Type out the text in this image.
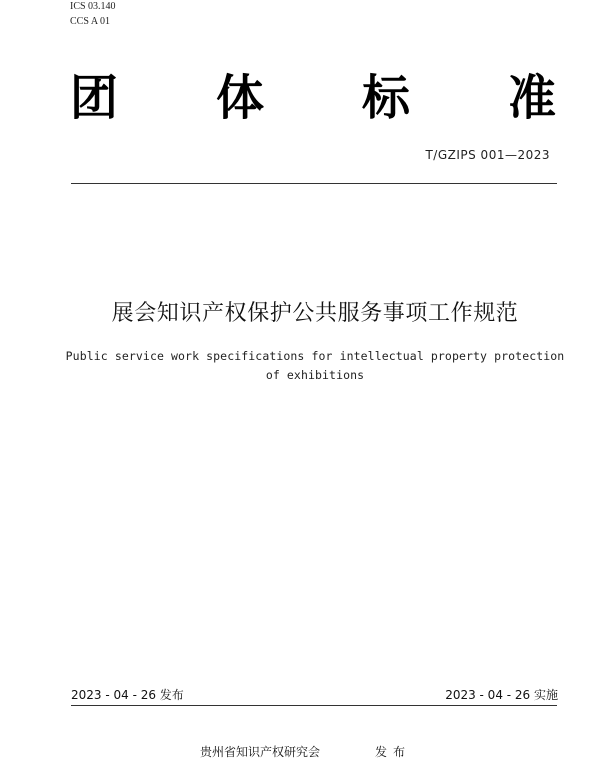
ICS 03.140
CCS A 01
团 体 标 准
T/GZIPS 001—2023
展会知识产权保护公共服务事项工作规范
Public service work specifications for intellectual property protection
of exhibitions
2023 - 04 - 26 发布	2023 - 04 - 26 实施
贵州省知识产权研究会	发布
